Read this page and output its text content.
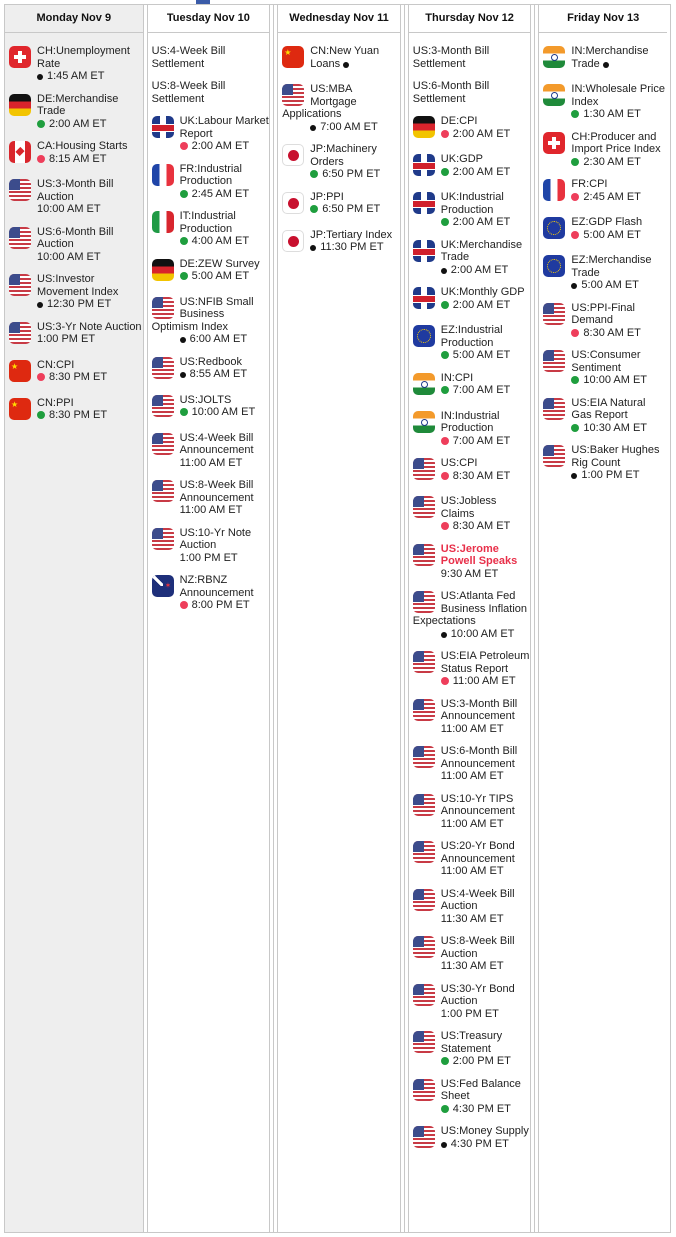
Monday Nov 9
CH:Unemployment Rate
1:45 AM ET
DE:Merchandise Trade
2:00 AM ET
CA:Housing Starts
8:15 AM ET
US:3-Month Bill Auction
10:00 AM ET
US:6-Month Bill Auction
10:00 AM ET
US:Investor Movement Index
12:30 PM ET
US:3-Yr Note Auction
1:00 PM ET
★
CN:CPI
8:30 PM ET
★
CN:PPI
8:30 PM ET
Tuesday Nov 10
US:4-Week Bill Settlement
US:8-Week Bill Settlement
UK:Labour Market Report
2:00 AM ET
FR:Industrial Production
2:45 AM ET
IT:Industrial Production
4:00 AM ET
DE:ZEW Survey
5:00 AM ET
US:NFIB Small Business Optimism Index
6:00 AM ET
US:Redbook
8:55 AM ET
US:JOLTS
10:00 AM ET
US:4-Week Bill Announcement
11:00 AM ET
US:8-Week Bill Announcement
11:00 AM ET
US:10-Yr Note Auction
1:00 PM ET
✶
NZ:RBNZ Announcement
8:00 PM ET
Wednesday Nov 11
★
CN:New Yuan Loans
US:MBA Mortgage Applications
7:00 AM ET
JP:Machinery Orders
6:50 PM ET
JP:PPI
6:50 PM ET
JP:Tertiary Index
11:30 PM ET
Thursday Nov 12
US:3-Month Bill Settlement
US:6-Month Bill Settlement
DE:CPI
2:00 AM ET
UK:GDP
2:00 AM ET
UK:Industrial Production
2:00 AM ET
UK:Merchandise Trade
2:00 AM ET
UK:Monthly GDP
2:00 AM ET
EZ:Industrial Production
5:00 AM ET
IN:CPI
7:00 AM ET
IN:Industrial Production
7:00 AM ET
US:CPI
8:30 AM ET
US:Jobless Claims
8:30 AM ET
US:Jerome Powell Speaks
9:30 AM ET
US:Atlanta Fed Business Inflation Expectations
10:00 AM ET
US:EIA Petroleum Status Report
11:00 AM ET
US:3-Month Bill Announcement
11:00 AM ET
US:6-Month Bill Announcement
11:00 AM ET
US:10-Yr TIPS Announcement
11:00 AM ET
US:20-Yr Bond Announcement
11:00 AM ET
US:4-Week Bill Auction
11:30 AM ET
US:8-Week Bill Auction
11:30 AM ET
US:30-Yr Bond Auction
1:00 PM ET
US:Treasury Statement
2:00 PM ET
US:Fed Balance Sheet
4:30 PM ET
US:Money Supply
4:30 PM ET
Friday Nov 13
IN:Merchandise Trade
IN:Wholesale Price Index
1:30 AM ET
CH:Producer and Import Price Index
2:30 AM ET
FR:CPI
2:45 AM ET
EZ:GDP Flash
5:00 AM ET
EZ:Merchandise Trade
5:00 AM ET
US:PPI-Final Demand
8:30 AM ET
US:Consumer Sentiment
10:00 AM ET
US:EIA Natural Gas Report
10:30 AM ET
US:Baker Hughes Rig Count
1:00 PM ET
